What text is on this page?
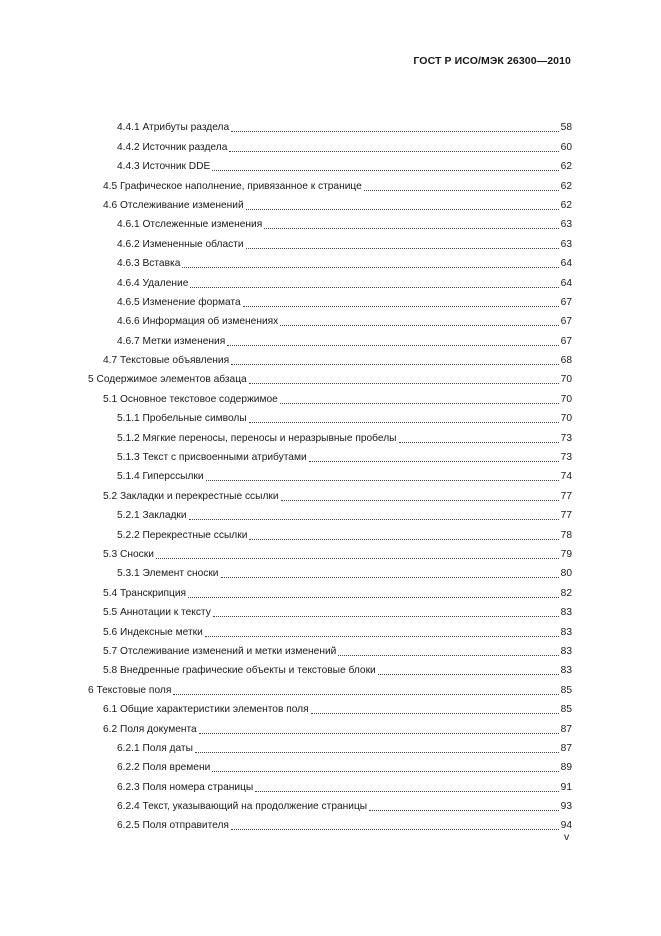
ГОСТ Р ИСО/МЭК 26300—2010
4.4.1 Атрибуты раздела	58
4.4.2 Источник раздела	60
4.4.3 Источник DDE	62
4.5 Графическое наполнение, привязанное к странице	62
4.6 Отслеживание изменений	62
4.6.1 Отслеженные изменения	63
4.6.2 Измененные области	63
4.6.3 Вставка	64
4.6.4 Удаление	64
4.6.5 Изменение формата	67
4.6.6 Информация об изменениях	67
4.6.7 Метки изменения	67
4.7 Текстовые объявления	68
5 Содержимое элементов абзаца	70
5.1 Основное текстовое содержимое	70
5.1.1 Пробельные символы	70
5.1.2 Мягкие переносы, переносы и неразрывные пробелы	73
5.1.3 Текст с присвоенными атрибутами	73
5.1.4 Гиперссылки	74
5.2 Закладки и перекрестные ссылки	77
5.2.1 Закладки	77
5.2.2 Перекрестные ссылки	78
5.3 Сноски	79
5.3.1 Элемент сноски	80
5.4 Транскрипция	82
5.5 Аннотации к тексту	83
5.6 Индексные метки	83
5.7 Отслеживание изменений и метки изменений	83
5.8 Внедренные графические объекты и текстовые блоки	83
6 Текстовые поля	85
6.1 Общие характеристики элементов поля	85
6.2 Поля документа	87
6.2.1 Поля даты	87
6.2.2 Поля времени	89
6.2.3 Поля номера страницы	91
6.2.4 Текст, указывающий на продолжение страницы	93
6.2.5 Поля отправителя	94
v
